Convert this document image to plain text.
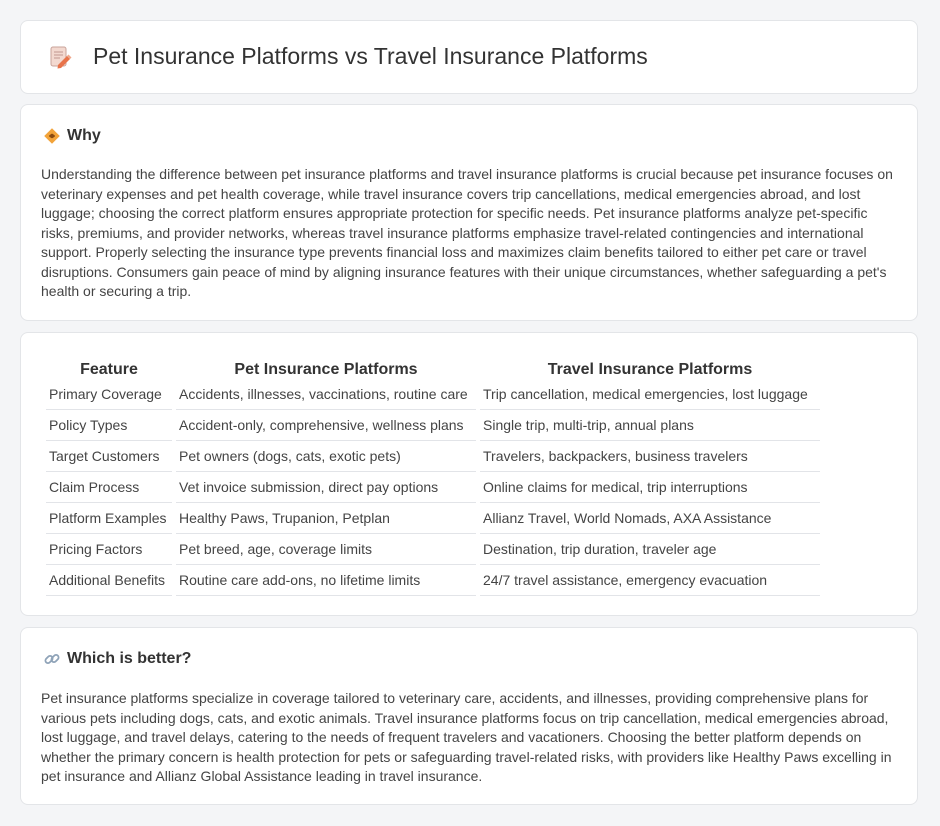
Pet Insurance Platforms vs Travel Insurance Platforms
Why

Understanding the difference between pet insurance platforms and travel insurance platforms is crucial because pet insurance focuses on veterinary expenses and pet health coverage, while travel insurance covers trip cancellations, medical emergencies abroad, and lost luggage; choosing the correct platform ensures appropriate protection for specific needs. Pet insurance platforms analyze pet-specific risks, premiums, and provider networks, whereas travel insurance platforms emphasize travel-related contingencies and international support. Properly selecting the insurance type prevents financial loss and maximizes claim benefits tailored to either pet care or travel disruptions. Consumers gain peace of mind by aligning insurance features with their unique circumstances, whether safeguarding a pet's health or securing a trip.

Feature	Pet Insurance Platforms	Travel Insurance Platforms
Primary Coverage	Accidents, illnesses, vaccinations, routine care	Trip cancellation, medical emergencies, lost luggage
Policy Types	Accident-only, comprehensive, wellness plans	Single trip, multi-trip, annual plans
Target Customers	Pet owners (dogs, cats, exotic pets)	Travelers, backpackers, business travelers
Claim Process	Vet invoice submission, direct pay options	Online claims for medical, trip interruptions
Platform Examples	Healthy Paws, Trupanion, Petplan	Allianz Travel, World Nomads, AXA Assistance
Pricing Factors	Pet breed, age, coverage limits	Destination, trip duration, traveler age
Additional Benefits	Routine care add-ons, no lifetime limits	24/7 travel assistance, emergency evacuation
Which is better?

Pet insurance platforms specialize in coverage tailored to veterinary care, accidents, and illnesses, providing comprehensive plans for various pets including dogs, cats, and exotic animals. Travel insurance platforms focus on trip cancellation, medical emergencies abroad, lost luggage, and travel delays, catering to the needs of frequent travelers and vacationers. Choosing the better platform depends on whether the primary concern is health protection for pets or safeguarding travel-related risks, with providers like Healthy Paws excelling in pet insurance and Allianz Global Assistance leading in travel insurance.
